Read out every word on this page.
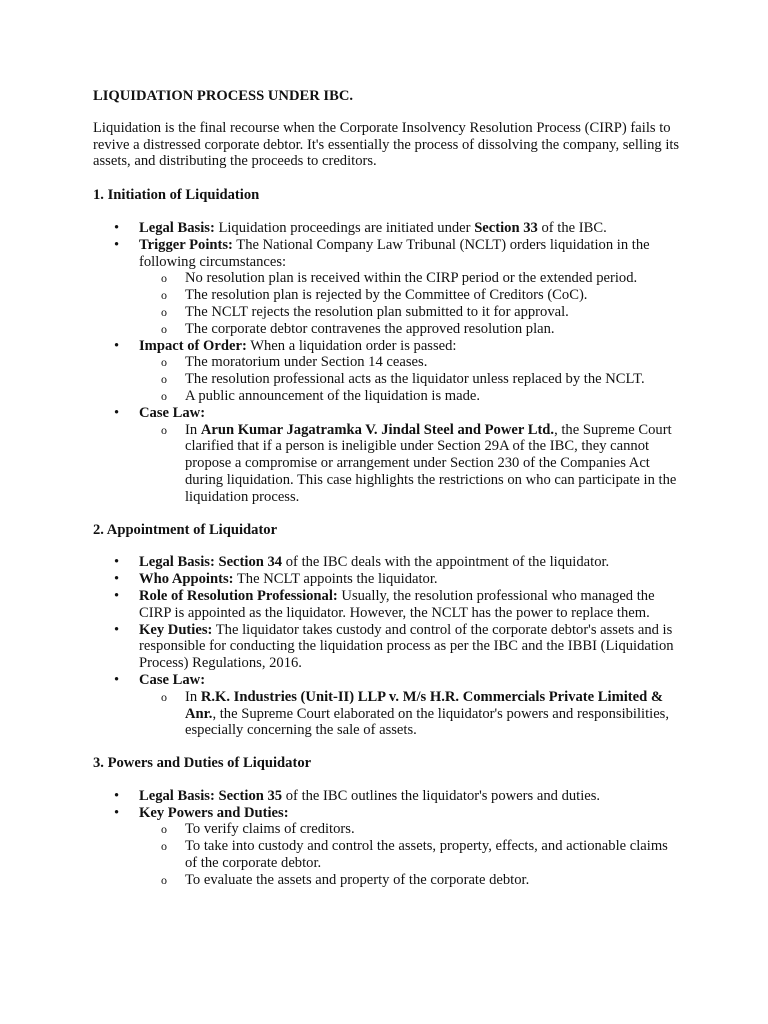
LIQUIDATION PROCESS UNDER IBC.
Liquidation is the final recourse when the Corporate Insolvency Resolution Process (CIRP) fails to revive a distressed corporate debtor. It's essentially the process of dissolving the company, selling its assets, and distributing the proceeds to creditors.
1. Initiation of Liquidation
• Legal Basis: Liquidation proceedings are initiated under Section 33 of the IBC.
• Trigger Points: The National Company Law Tribunal (NCLT) orders liquidation in the following circumstances:
o No resolution plan is received within the CIRP period or the extended period.
o The resolution plan is rejected by the Committee of Creditors (CoC).
o The NCLT rejects the resolution plan submitted to it for approval.
o The corporate debtor contravenes the approved resolution plan.
• Impact of Order: When a liquidation order is passed:
o The moratorium under Section 14 ceases.
o The resolution professional acts as the liquidator unless replaced by the NCLT.
o A public announcement of the liquidation is made.
• Case Law:
o In Arun Kumar Jagatramka V. Jindal Steel and Power Ltd., the Supreme Court clarified that if a person is ineligible under Section 29A of the IBC, they cannot propose a compromise or arrangement under Section 230 of the Companies Act during liquidation. This case highlights the restrictions on who can participate in the liquidation process.
2. Appointment of Liquidator
• Legal Basis: Section 34 of the IBC deals with the appointment of the liquidator.
• Who Appoints: The NCLT appoints the liquidator.
• Role of Resolution Professional: Usually, the resolution professional who managed the CIRP is appointed as the liquidator. However, the NCLT has the power to replace them.
• Key Duties: The liquidator takes custody and control of the corporate debtor's assets and is responsible for conducting the liquidation process as per the IBC and the IBBI (Liquidation Process) Regulations, 2016.
• Case Law:
o In R.K. Industries (Unit-II) LLP v. M/s H.R. Commercials Private Limited & Anr., the Supreme Court elaborated on the liquidator's powers and responsibilities, especially concerning the sale of assets.
3. Powers and Duties of Liquidator
• Legal Basis: Section 35 of the IBC outlines the liquidator's powers and duties.
• Key Powers and Duties:
o To verify claims of creditors.
o To take into custody and control the assets, property, effects, and actionable claims of the corporate debtor.
o To evaluate the assets and property of the corporate debtor.
